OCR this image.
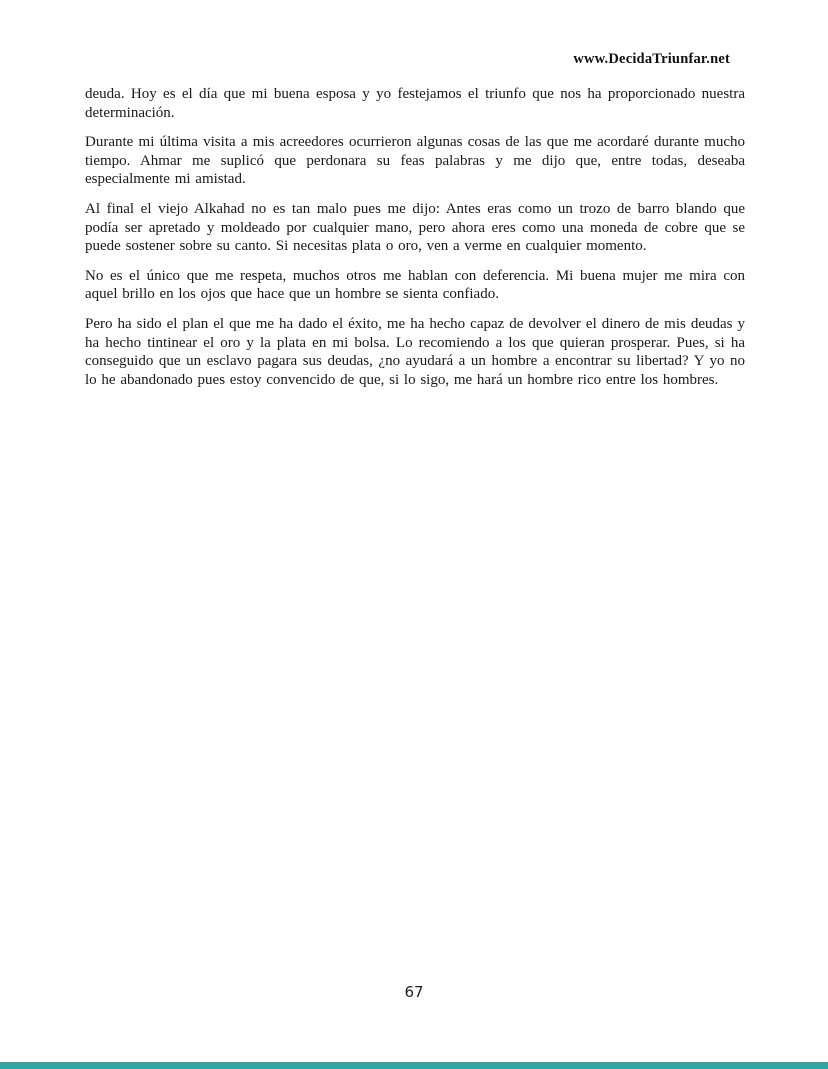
www.DecidaTriunfar.net

deuda. Hoy es el día que mi buena esposa y yo festejamos el triunfo que nos ha proporcionado nuestra determinación.

Durante mi última visita a mis acreedores ocurrieron algunas cosas de las que me acordaré durante mucho tiempo. Ahmar me suplicó que perdonara su feas palabras y me dijo que, entre todas, deseaba especialmente mi amistad.

Al final el viejo Alkahad no es tan malo pues me dijo: Antes eras como un trozo de barro blando que podía ser apretado y moldeado por cualquier mano, pero ahora eres como una moneda de cobre que se puede sostener sobre su canto. Si necesitas plata o oro, ven a verme en cualquier momento.

No es el único que me respeta, muchos otros me hablan con deferencia. Mi buena mujer me mira con aquel brillo en los ojos que hace que un hombre se sienta confiado.

Pero ha sido el plan el que me ha dado el éxito, me ha hecho capaz de devolver el dinero de mis deudas y ha hecho tintinear el oro y la plata en mi bolsa. Lo recomiendo a los que quieran prosperar. Pues, si ha conseguido que un esclavo pagara sus deudas, ¿no ayudará a un hombre a encontrar su libertad? Y yo no lo he abandonado pues estoy convencido de que, si lo sigo, me hará un hombre rico entre los hombres.

67
